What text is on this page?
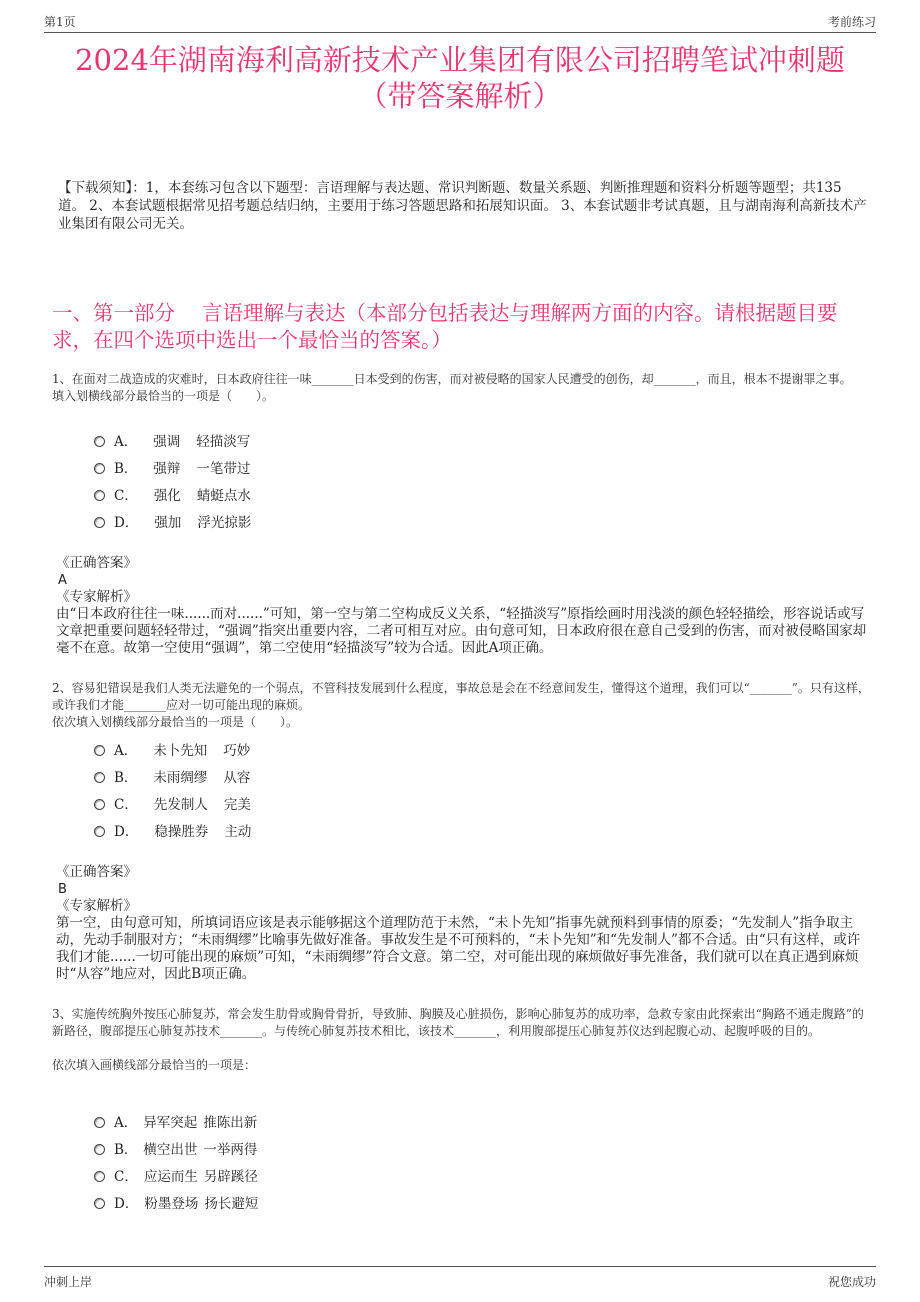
第1页	考前练习
2024年湖南海利高新技术产业集团有限公司招聘笔试冲刺题
（带答案解析）
【下载须知】：1，本套练习包含以下题型：言语理解与表达题、常识判断题、数量关系题、判断推理题和资料分析题等题型；共135道。 2、本套试题根据常见招考题总结归纳，主要用于练习答题思路和拓展知识面。 3、本套试题非考试真题，且与湖南海利高新技术产业集团有限公司无关。
一、第一部分　 言语理解与表达（本部分包括表达与理解两方面的内容。请根据题目要求，在四个选项中选出一个最恰当的答案。）

1、在面对二战造成的灾难时，日本政府往往一味_______日本受到的伤害，而对被侵略的国家人民遭受的创伤，却_______，而且，根本不提谢罪之事。

填入划横线部分最恰当的一项是（　　）。

A． 强调 轻描淡写
B． 强辩 一笔带过
C． 强化 蜻蜓点水
D． 强加 浮光掠影
《正确答案》
A
《专家解析》
由“日本政府往往一味......而对......”可知，第一空与第二空构成反义关系，“轻描淡写”原指绘画时用浅淡的颜色轻轻描绘，形容说话或写文章把重要问题轻轻带过，“强调”指突出重要内容，二者可相互对应。由句意可知，日本政府很在意自己受到的伤害，而对被侵略国家却毫不在意。故第一空使用“强调”，第二空使用“轻描淡写”较为合适。因此A项正确。

2、容易犯错误是我们人类无法避免的一个弱点，不管科技发展到什么程度，事故总是会在不经意间发生，懂得这个道理，我们可以“_______”。只有这样，或许我们才能_______应对一切可能出现的麻烦。

依次填入划横线部分最恰当的一项是（　　）。

A． 未卜先知 巧妙
B． 未雨绸缪 从容
C． 先发制人 完美
D． 稳操胜券 主动
《正确答案》
B
《专家解析》
第一空，由句意可知，所填词语应该是表示能够据这个道理防范于未然，“未卜先知”指事先就预料到事情的原委；“先发制人”指争取主动，先动手制服对方；“未雨绸缪”比喻事先做好准备。事故发生是不可预料的，“未卜先知”和“先发制人”都不合适。由“只有这样，或许我们才能......一切可能出现的麻烦”可知，“未雨绸缪”符合文意。第二空，对可能出现的麻烦做好事先准备，我们就可以在真正遇到麻烦时“从容”地应对，因此B项正确。

3、实施传统胸外按压心肺复苏，常会发生肋骨或胸骨骨折，导致肺、胸膜及心脏损伤，影响心肺复苏的成功率，急救专家由此探索出“胸路不通走腹路”的新路径，腹部提压心肺复苏技术_______。与传统心肺复苏技术相比，该技术_______，利用腹部提压心肺复苏仪达到起腹心动、起腹呼吸的目的。

依次填入画横线部分最恰当的一项是：

A． 异军突起 推陈出新
B． 横空出世 一举两得
C． 应运而生 另辟蹊径
D． 粉墨登场 扬长避短
冲刺上岸	祝您成功
